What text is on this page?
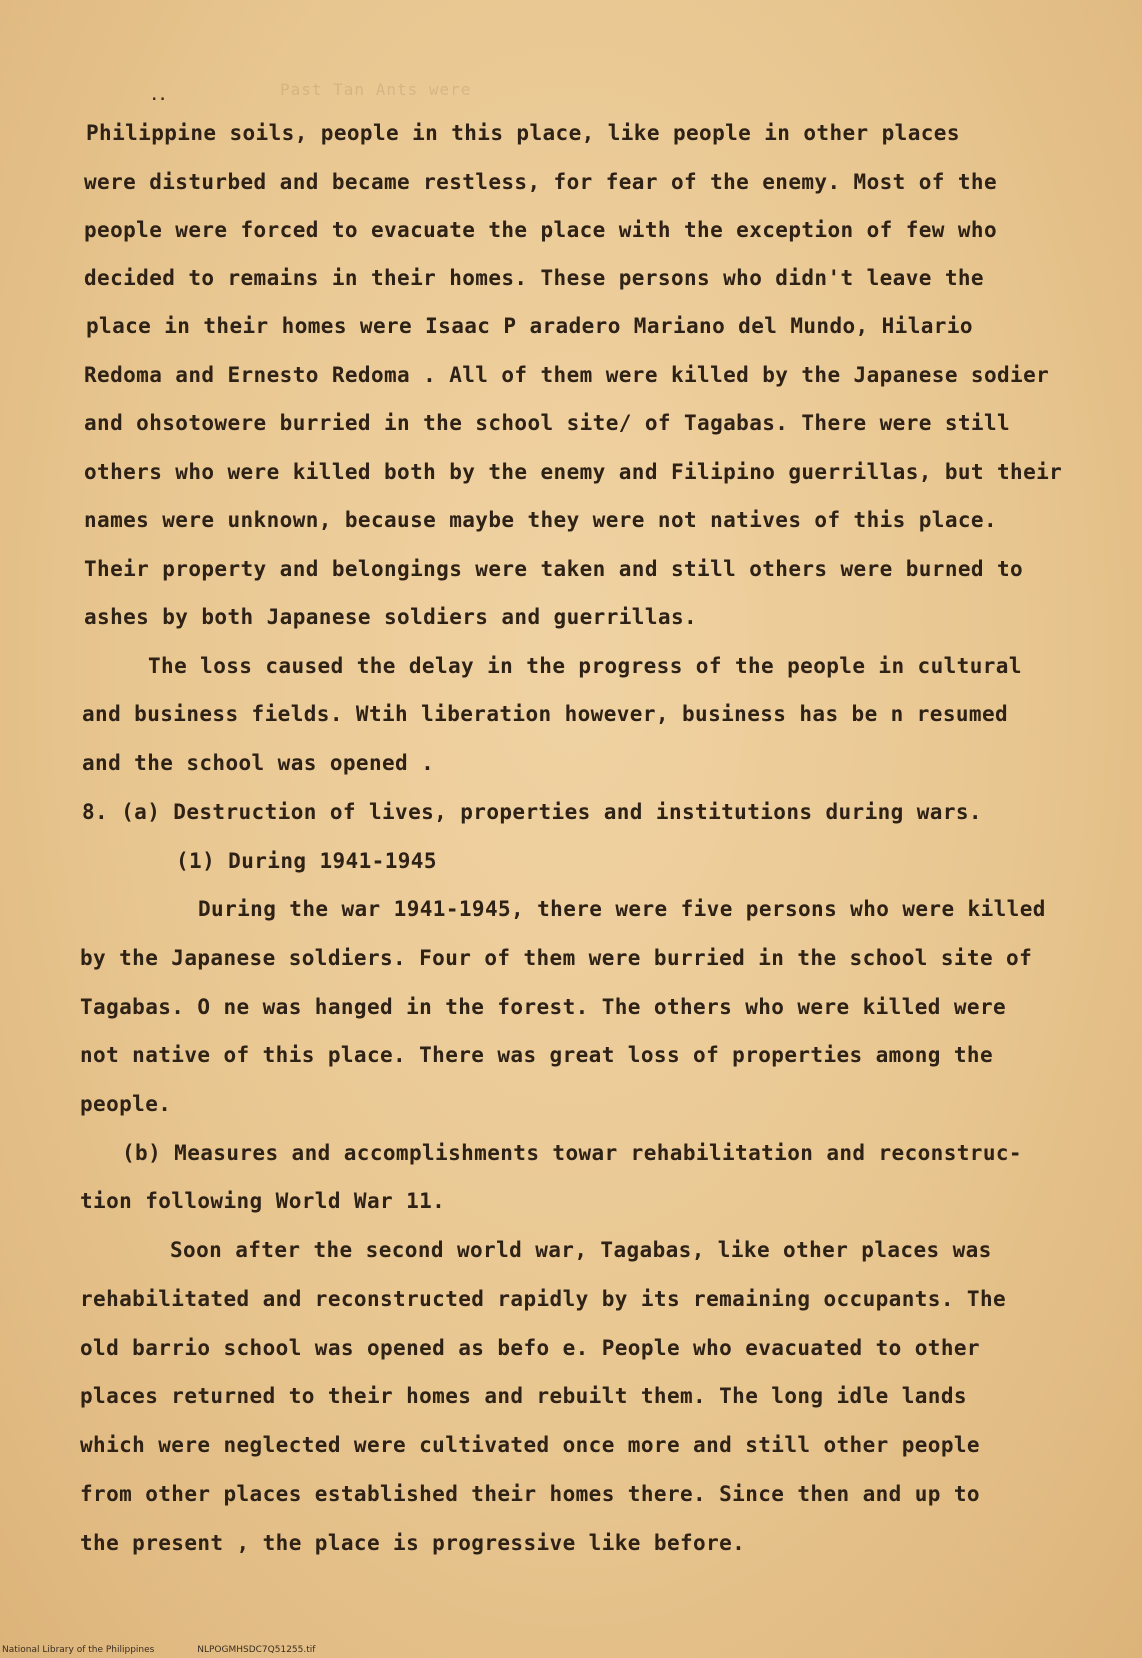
Past Tan Ants were
..
Philippine soils, people in this place, like people in other places
were disturbed and became restless, for fear of the enemy. Most of the
people were forced to evacuate the place with the exception of few who
decided to remains in their homes. These persons who didn't leave the
place in their homes were Isaac P aradero Mariano del Mundo, Hilario
Redoma and Ernesto Redoma . All of them were killed by the Japanese sodier
and ohsotowere burried in the school site/ of Tagabas. There were still
others who were killed both by the enemy and Filipino guerrillas, but their
names were unknown, because maybe they were not natives of this place.
Their property and belongings were taken and still others were burned to
ashes by both Japanese soldiers and guerrillas.
The loss caused the delay in the progress of the people in cultural
and business fields. Wtih liberation however, business has be n resumed
and the school was opened .
8. (a) Destruction of lives, properties and institutions during wars.
(1) During 1941-1945
During the war 1941-1945, there were five persons who were killed
by the Japanese soldiers. Four of them were burried in the school site of
Tagabas. O ne was hanged in the forest. The others who were killed were
not native of this place. There was great loss of properties among the
people.
(b) Measures and accomplishments towar rehabilitation and reconstruc-
tion following World War 11.
Soon after the second world war, Tagabas, like other places was
rehabilitated and reconstructed rapidly by its remaining occupants. The
old barrio school was opened as befo e. People who evacuated to other
places returned to their homes and rebuilt them. The long idle lands
which were neglected were cultivated once more and still other people
from other places established their homes there. Since then and up to
the present , the place is progressive like before.
National Library of the Philippines	NLPOGMHSDC7Q51255.tif
